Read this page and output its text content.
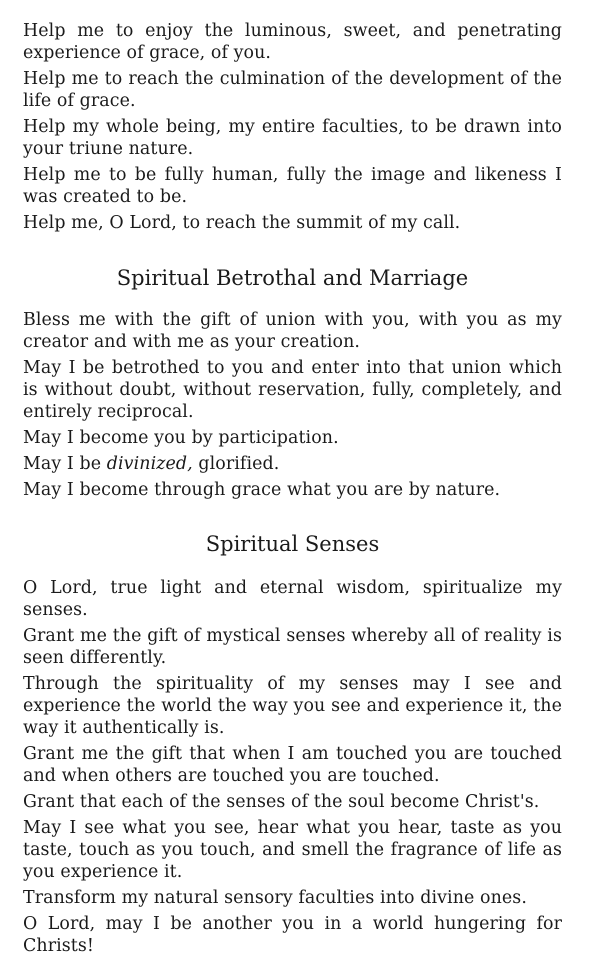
Help me to enjoy the luminous, sweet, and penetrating experience of grace, of you.

Help me to reach the culmination of the development of the life of grace.

Help my whole being, my entire faculties, to be drawn into your triune nature.

Help me to be fully human, fully the image and likeness I was created to be.

Help me, O Lord, to reach the summit of my call.

Spiritual Betrothal and Marriage

Bless me with the gift of union with you, with you as my creator and with me as your creation.

May I be betrothed to you and enter into that union which is without doubt, without reservation, fully, completely, and entirely reciprocal.

May I become you by participation.

May I be divinized, glorified.

May I become through grace what you are by nature.

Spiritual Senses

O Lord, true light and eternal wisdom, spiritualize my senses.

Grant me the gift of mystical senses whereby all of reality is seen differently.

Through the spirituality of my senses may I see and experience the world the way you see and experience it, the way it authentically is.

Grant me the gift that when I am touched you are touched and when others are touched you are touched.

Grant that each of the senses of the soul become Christ's.

May I see what you see, hear what you hear, taste as you taste, touch as you touch, and smell the fragrance of life as you experience it.

Transform my natural sensory faculties into divine ones.

O Lord, may I be another you in a world hungering for Christs!
